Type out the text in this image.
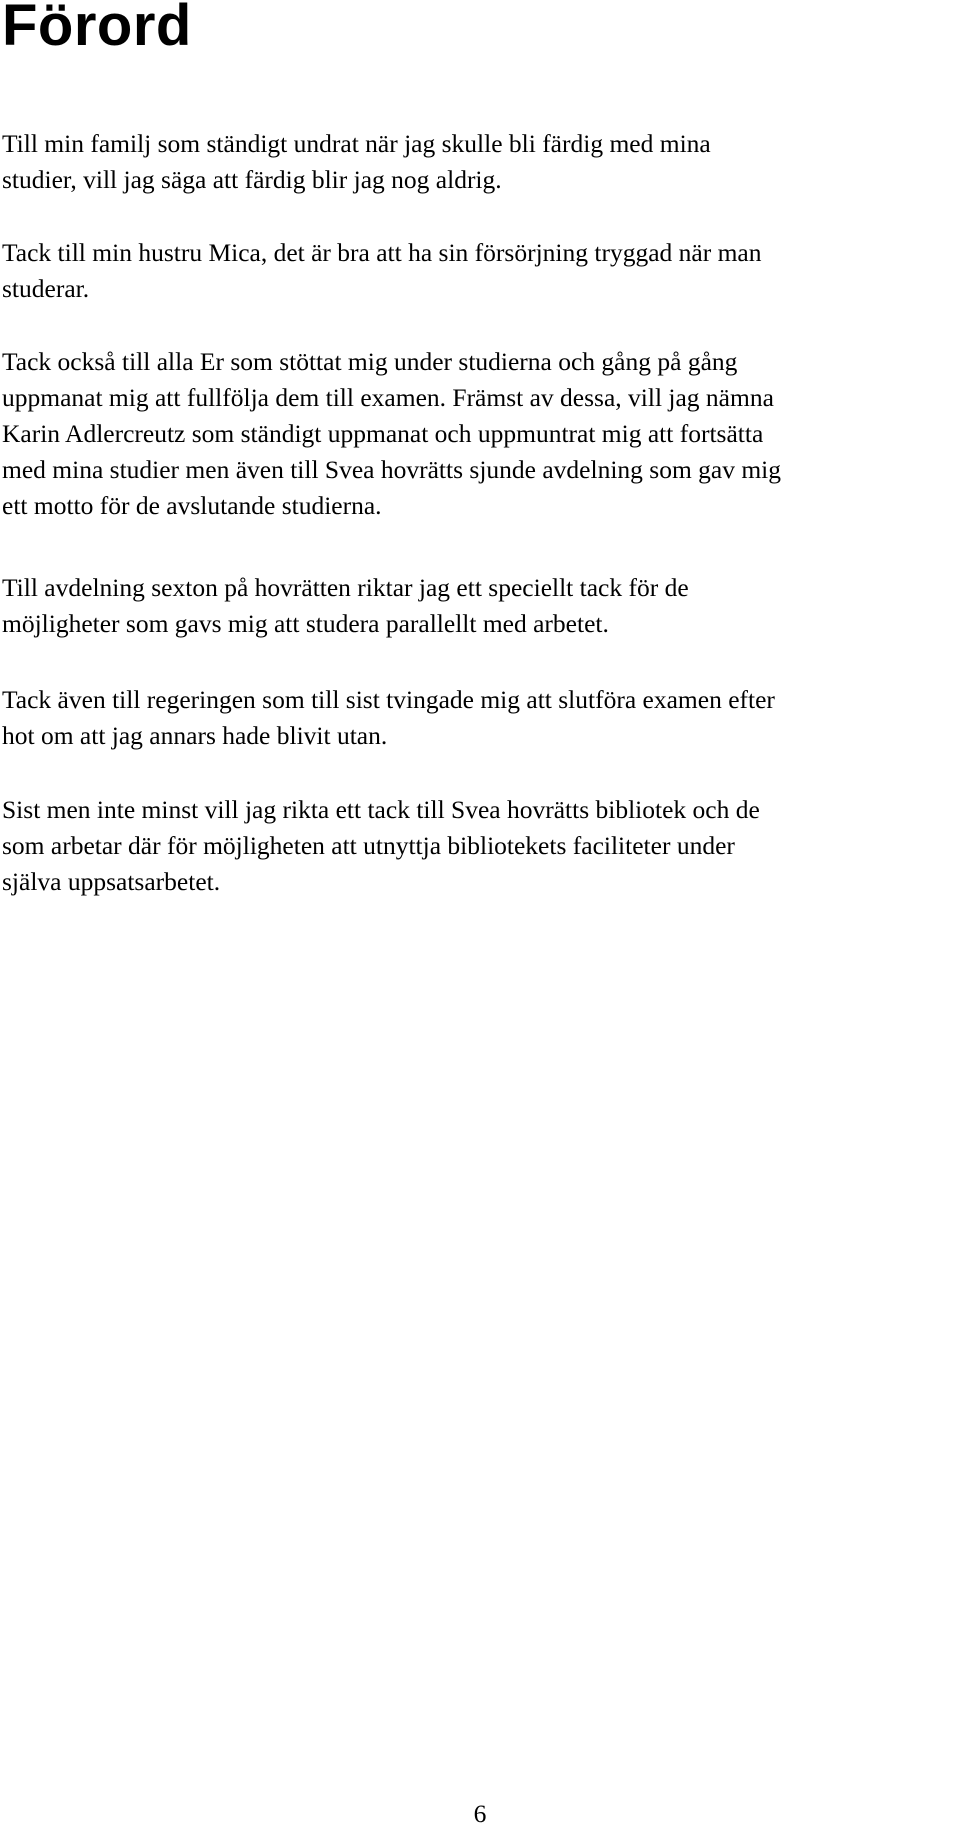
Förord

Till min familj som ständigt undrat när jag skulle bli färdig med mina
studier, vill jag säga att färdig blir jag nog aldrig.

Tack till min hustru Mica, det är bra att ha sin försörjning tryggad när man
studerar.

Tack också till alla Er som stöttat mig under studierna och gång på gång
uppmanat mig att fullfölja dem till examen. Främst av dessa, vill jag nämna
Karin Adlercreutz som ständigt uppmanat och uppmuntrat mig att fortsätta
med mina studier men även till Svea hovrätts sjunde avdelning som gav mig
ett motto för de avslutande studierna.

Till avdelning sexton på hovrätten riktar jag ett speciellt tack för de
möjligheter som gavs mig att studera parallellt med arbetet.

Tack även till regeringen som till sist tvingade mig att slutföra examen efter
hot om att jag annars hade blivit utan.

Sist men inte minst vill jag rikta ett tack till Svea hovrätts bibliotek och de
som arbetar där för möjligheten att utnyttja bibliotekets faciliteter under
själva uppsatsarbetet.

6
